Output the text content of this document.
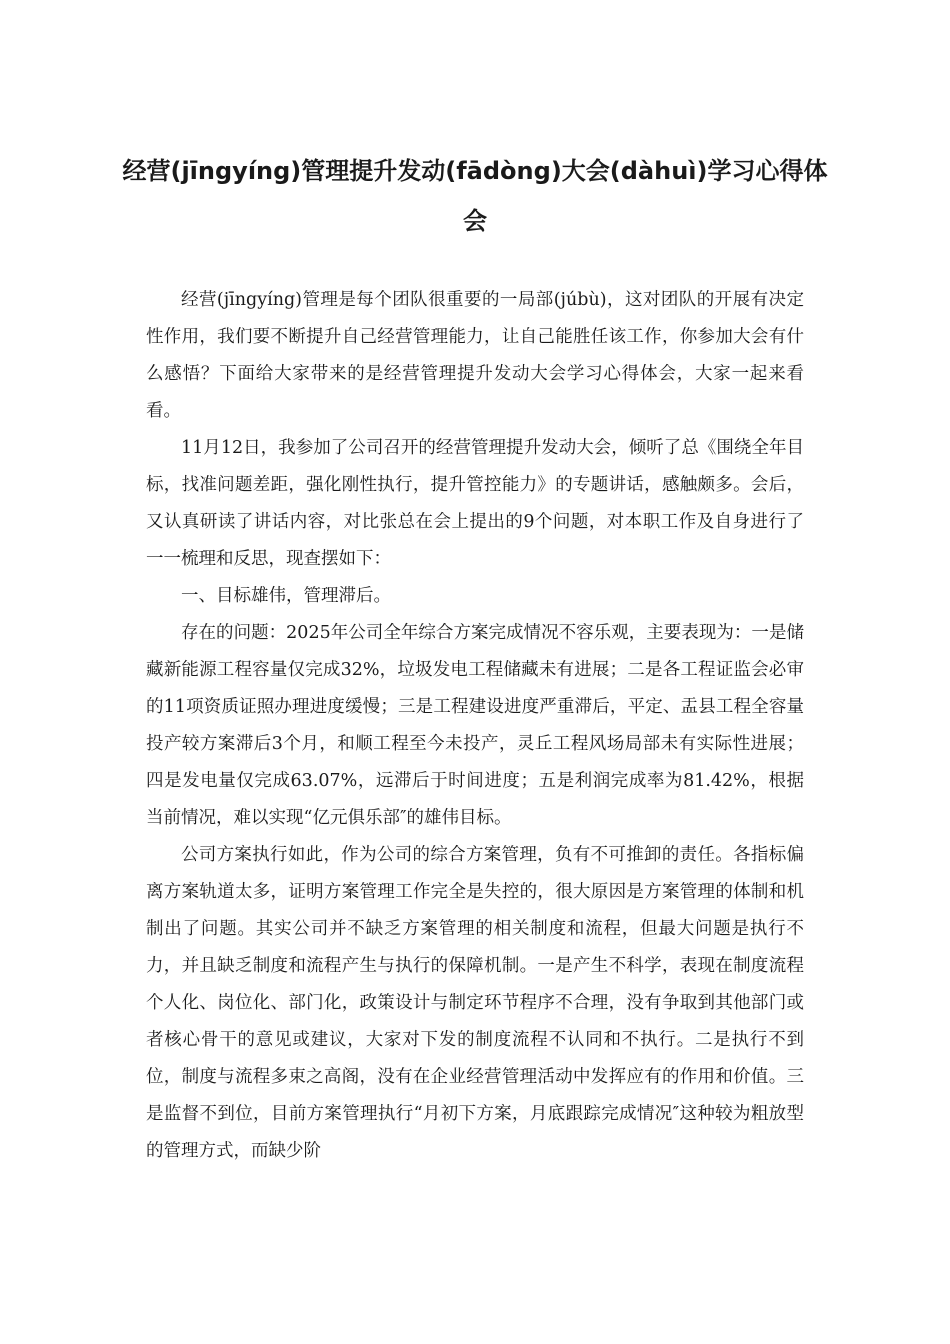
经营(jīngyíng)管理提升发动(fādòng)大会(dàhuì)学习心得体会

经营(jīngyíng)管理是每个团队很重要的一局部(júbù)，这对团队的开展有决定性作用，我们要不断提升自己经营管理能力，让自己能胜任该工作，你参加大会有什么感悟？下面给大家带来的是经营管理提升发动大会学习心得体会，大家一起来看看。

11月12日，我参加了公司召开的经营管理提升发动大会，倾听了总《围绕全年目标，找准问题差距，强化刚性执行，提升管控能力》的专题讲话，感触颇多。会后，又认真研读了讲话内容，对比张总在会上提出的9个问题，对本职工作及自身进行了一一梳理和反思，现查摆如下：

一、目标雄伟，管理滞后。

存在的问题：2025年公司全年综合方案完成情况不容乐观，主要表现为：一是储藏新能源工程容量仅完成32%，垃圾发电工程储藏未有进展；二是各工程证监会必审的11项资质证照办理进度缓慢；三是工程建设进度严重滞后，平定、盂县工程全容量投产较方案滞后3个月，和顺工程至今未投产，灵丘工程风场局部未有实际性进展；四是发电量仅完成63.07%，远滞后于时间进度；五是利润完成率为81.42%，根据当前情况，难以实现“亿元俱乐部″的雄伟目标。

公司方案执行如此，作为公司的综合方案管理，负有不可推卸的责任。各指标偏离方案轨道太多，证明方案管理工作完全是失控的，很大原因是方案管理的体制和机制出了问题。其实公司并不缺乏方案管理的相关制度和流程，但最大问题是执行不力，并且缺乏制度和流程产生与执行的保障机制。一是产生不科学，表现在制度流程个人化、岗位化、部门化，政策设计与制定环节程序不合理，没有争取到其他部门或者核心骨干的意见或建议，大家对下发的制度流程不认同和不执行。二是执行不到位，制度与流程多束之高阁，没有在企业经营管理活动中发挥应有的作用和价值。三是监督不到位，目前方案管理执行“月初下方案，月底跟踪完成情况″这种较为粗放型的管理方式，而缺少阶
